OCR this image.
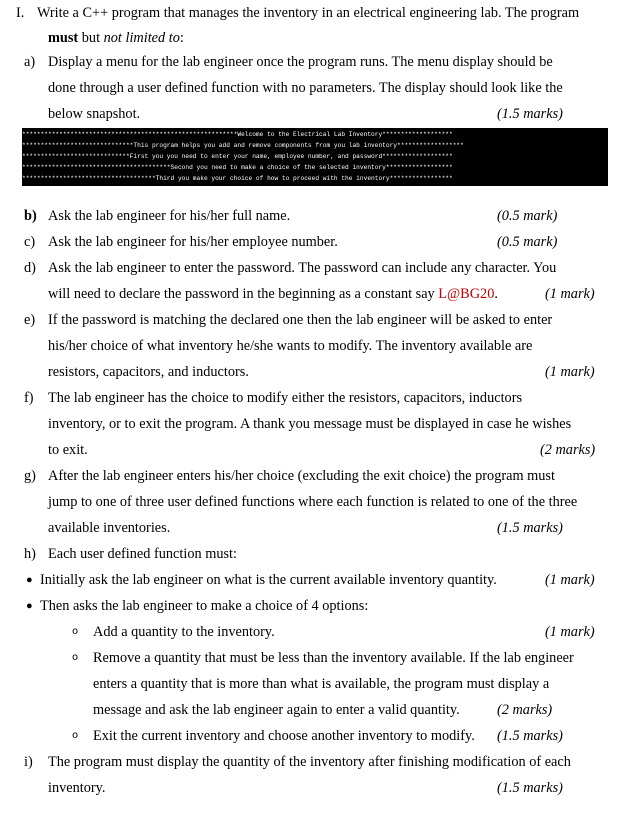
I. Write a C++ program that manages the inventory in an electrical engineering lab. The program
must but not limited to:
a) Display a menu for the lab engineer once the program runs. The menu display should be
done through a user defined function with no parameters. The display should look like the
below snapshot.	(1.5 marks)
**********************************************************Welcome to the Electrical Lab Inventory*******************
******************************This program helps you add and remove components from you lab inventory******************
*****************************First you you need to enter your name, employee number, and password*******************
****************************************Second you need to make a choice of the selected inventory******************
************************************Third you make your choice of how to proceed with the inventory*****************
b) Ask the lab engineer for his/her full name.	(0.5 mark)
c) Ask the lab engineer for his/her employee number.	(0.5 mark)
d) Ask the lab engineer to enter the password. The password can include any character. You
will need to declare the password in the beginning as a constant say L@BG20.	(1 mark)
e) If the password is matching the declared one then the lab engineer will be asked to enter
his/her choice of what inventory he/she wants to modify. The inventory available are
resistors, capacitors, and inductors.	(1 mark)
f) The lab engineer has the choice to modify either the resistors, capacitors, inductors
inventory, or to exit the program. A thank you message must be displayed in case he wishes
to exit.	(2 marks)
g) After the lab engineer enters his/her choice (excluding the exit choice) the program must
jump to one of three user defined functions where each function is related to one of the three
available inventories.	(1.5 marks)
h) Each user defined function must:
● Initially ask the lab engineer on what is the current available inventory quantity.	(1 mark)
● Then asks the lab engineer to make a choice of 4 options:
o Add a quantity to the inventory.	(1 mark)
o Remove a quantity that must be less than the inventory available. If the lab engineer
enters a quantity that is more than what is available, the program must display a
message and ask the lab engineer again to enter a valid quantity.	(2 marks)
o Exit the current inventory and choose another inventory to modify. (1.5 marks)
i) The program must display the quantity of the inventory after finishing modification of each
inventory.	(1.5 marks)
